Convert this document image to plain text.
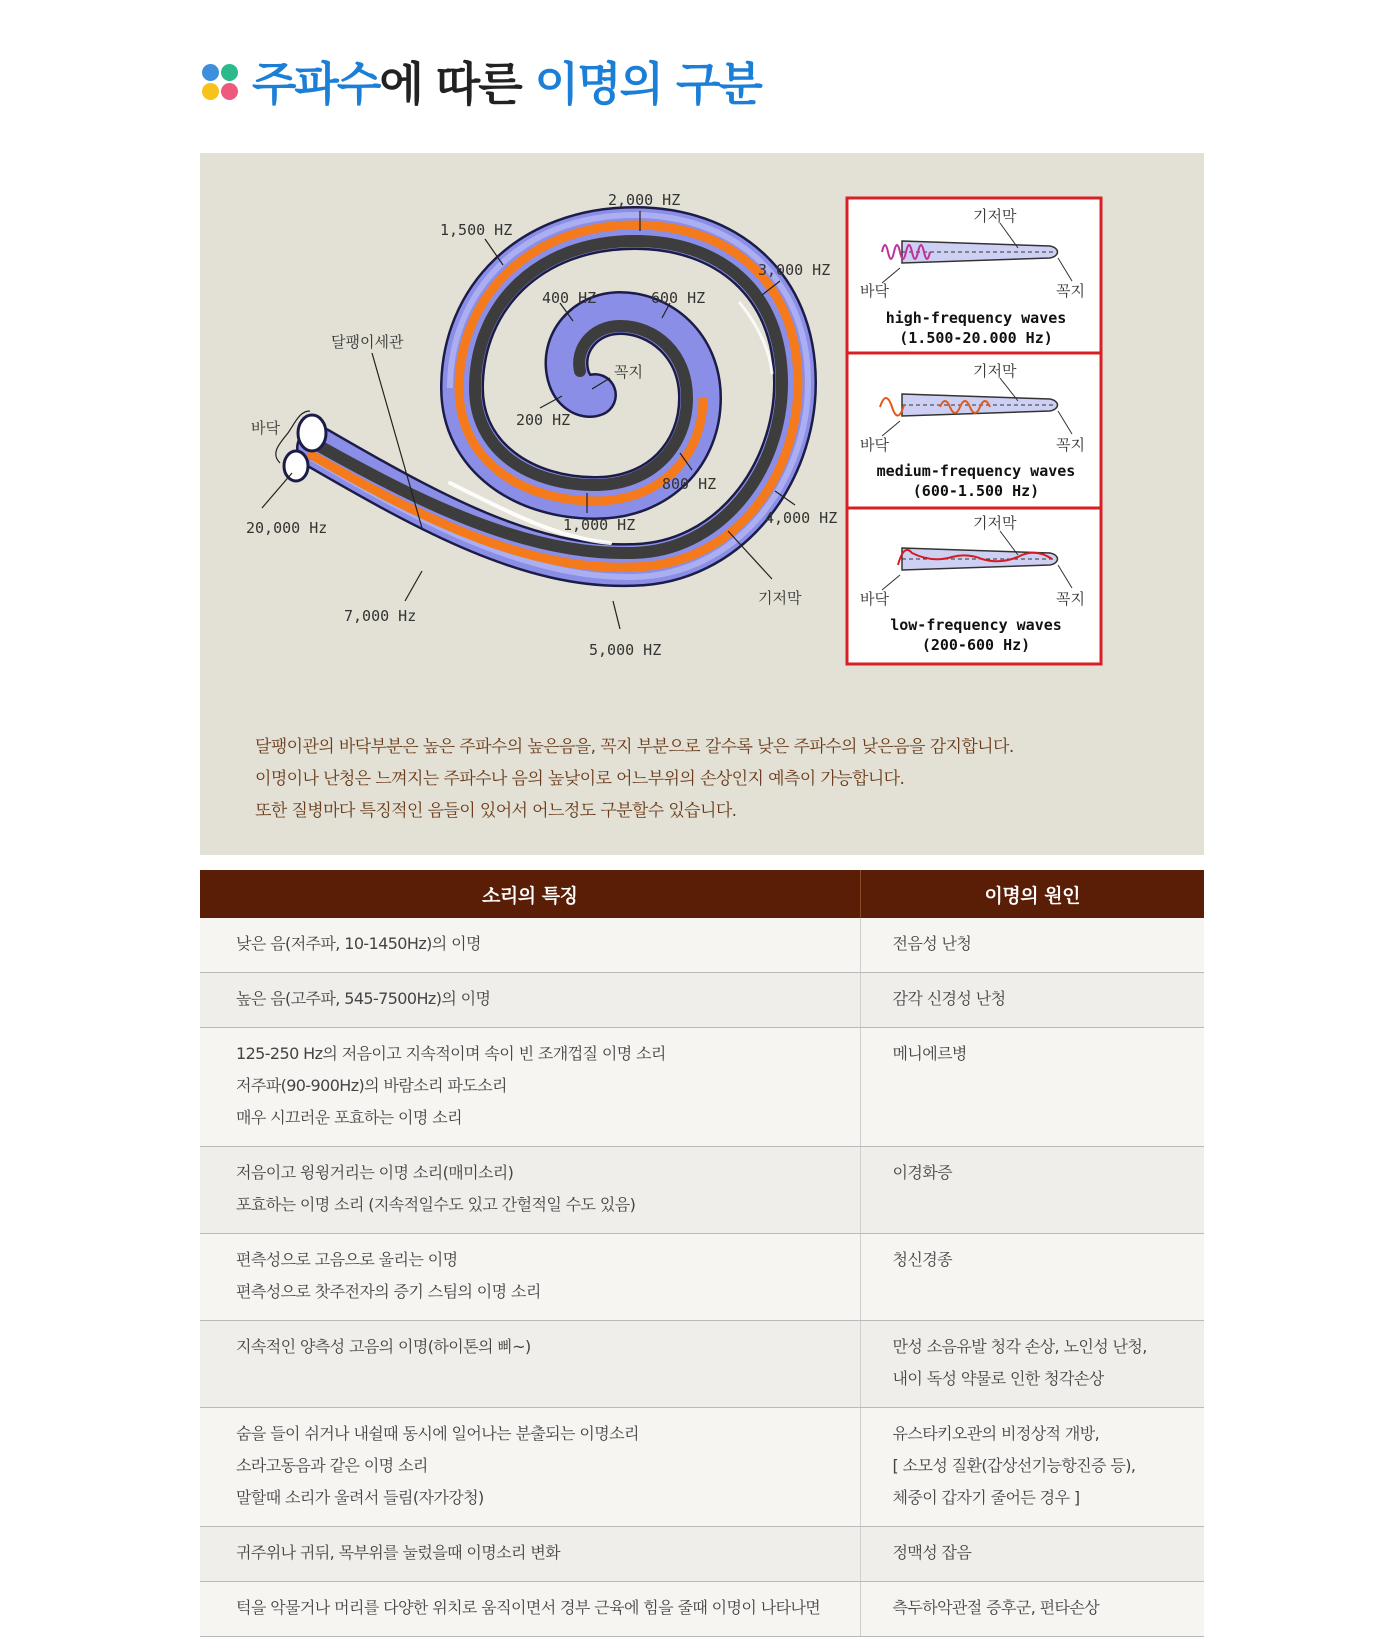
주파수에 따른 이명의 구분
2,000 HZ
1,500 HZ
3,000 HZ
400 HZ	600 HZ
달팽이세관
꼭지
바닥	200 HZ
800 HZ
4,000 HZ
1,000 HZ
20,000 Hz
7,000 Hz
기저막
5,000 HZ
기저막
바닥	꼭지
high-frequency waves
(1.500-20.000 Hz)
기저막
바닥	꼭지
medium-frequency waves
(600-1.500 Hz)
기저막
바닥	꼭지
low-frequency waves
(200-600 Hz)

달팽이관의 바닥부분은 높은 주파수의 높은음을, 꼭지 부분으로 갈수록 낮은 주파수의 낮은음을 감지합니다.

이명이나 난청은 느껴지는 주파수나 음의 높낮이로 어느부위의 손상인지 예측이 가능합니다.

또한 질병마다 특징적인 음들이 있어서 어느정도 구분할수 있습니다.

소리의 특징	이명의 원인

낮은 음(저주파, 10-1450Hz)의 이명	전음성 난청

높은 음(고주파, 545-7500Hz)의 이명	감각 신경성 난청

125-250 Hz의 저음이고 지속적이며 속이 빈 조개껍질 이명 소리
저주파(90-900Hz)의 바람소리 파도소리
매우 시끄러운 포효하는 이명 소리	메니에르병

저음이고 윙윙거리는 이명 소리(매미소리)
포효하는 이명 소리 (지속적일수도 있고 간헐적일 수도 있음)	이경화증

편측성으로 고음으로 울리는 이명
편측성으로 찻주전자의 증기 스팀의 이명 소리	청신경종

지속적인 양측성 고음의 이명(하이톤의 삐~)	만성 소음유발 청각 손상, 노인성 난청,
내이 독성 약물로 인한 청각손상

숨을 들이 쉬거나 내쉴때 동시에 일어나는 분출되는 이명소리
소라고동음과 같은 이명 소리
말할때 소리가 울려서 들림(자가강청)	유스타키오관의 비정상적 개방,
[ 소모성 질환(갑상선기능항진증 등),
체중이 갑자기 줄어든 경우 ]

귀주위나 귀뒤, 목부위를 눌렀을때 이명소리 변화	정맥성 잡음

턱을 악물거나 머리를 다양한 위치로 움직이면서 경부 근육에 힘을 줄때 이명이 나타나면	측두하악관절 증후군, 편타손상
